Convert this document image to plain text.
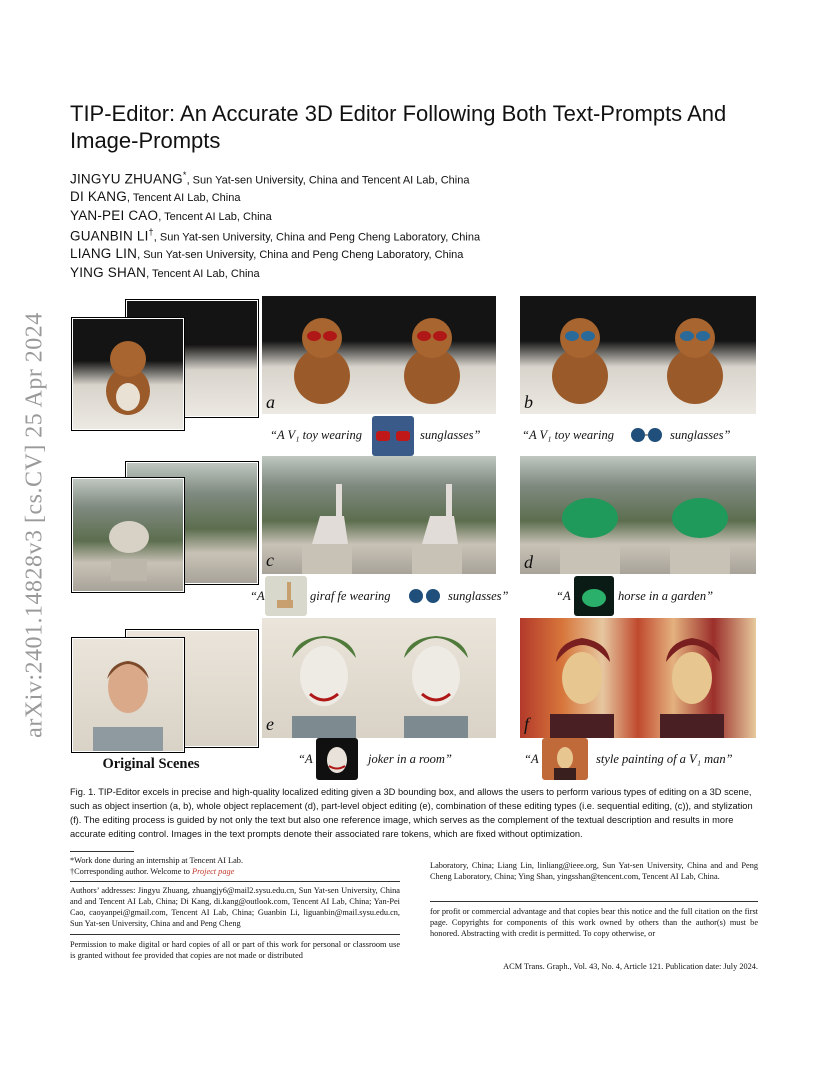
arXiv:2401.14828v3 [cs.CV] 25 Apr 2024
TIP-Editor: An Accurate 3D Editor Following Both Text-Prompts And Image-Prompts
JINGYU ZHUANG*, Sun Yat-sen University, China and Tencent AI Lab, China
DI KANG, Tencent AI Lab, China
YAN-PEI CAO, Tencent AI Lab, China
GUANBIN LI†, Sun Yat-sen University, China and Peng Cheng Laboratory, China
LIANG LIN, Sun Yat-sen University, China and Peng Cheng Laboratory, China
YING SHAN, Tencent AI Lab, China
Original Scenes
a
“A V₁ toy wearing	sunglasses”
b
“A V₁ toy wearing	sunglasses”
c
“A	giraf fe wearing	sunglasses”
d
“A	horse in a garden”
e
“A	joker in a room”
f
“A	style painting of a V₁ man”
Fig. 1. TIP-Editor excels in precise and high-quality localized editing given a 3D bounding box, and allows the users to perform various types of editing on a 3D scene, such as object insertion (a, b), whole object replacement (d), part-level object editing (e), combination of these editing types (i.e. sequential editing, (c)), and stylization (f). The editing process is guided by not only the text but also one reference image, which serves as the complement of the textual description and results in more accurate editing control. Images in the text prompts denote their associated rare tokens, which are fixed without optimization.
*Work done during an internship at Tencent AI Lab.
†Corresponding author. Welcome to Project page
Authors’ addresses: Jingyu Zhuang, zhuangjy6@mail2.sysu.edu.cn, Sun Yat-sen University, China and and Tencent AI Lab, China; Di Kang, di.kang@outlook.com, Tencent AI Lab, China; Yan-Pei Cao, caoyanpei@gmail.com, Tencent AI Lab, China; Guanbin Li, liguanbin@mail.sysu.edu.cn, Sun Yat-sen University, China and and Peng Cheng
Permission to make digital or hard copies of all or part of this work for personal or classroom use is granted without fee provided that copies are not made or distributed
Laboratory, China; Liang Lin, linliang@ieee.org, Sun Yat-sen University, China and and Peng Cheng Laboratory, China; Ying Shan, yingsshan@tencent.com, Tencent AI Lab, China.
for profit or commercial advantage and that copies bear this notice and the full citation on the first page. Copyrights for components of this work owned by others than the author(s) must be honored. Abstracting with credit is permitted. To copy otherwise, or
ACM Trans. Graph., Vol. 43, No. 4, Article 121. Publication date: July 2024.
